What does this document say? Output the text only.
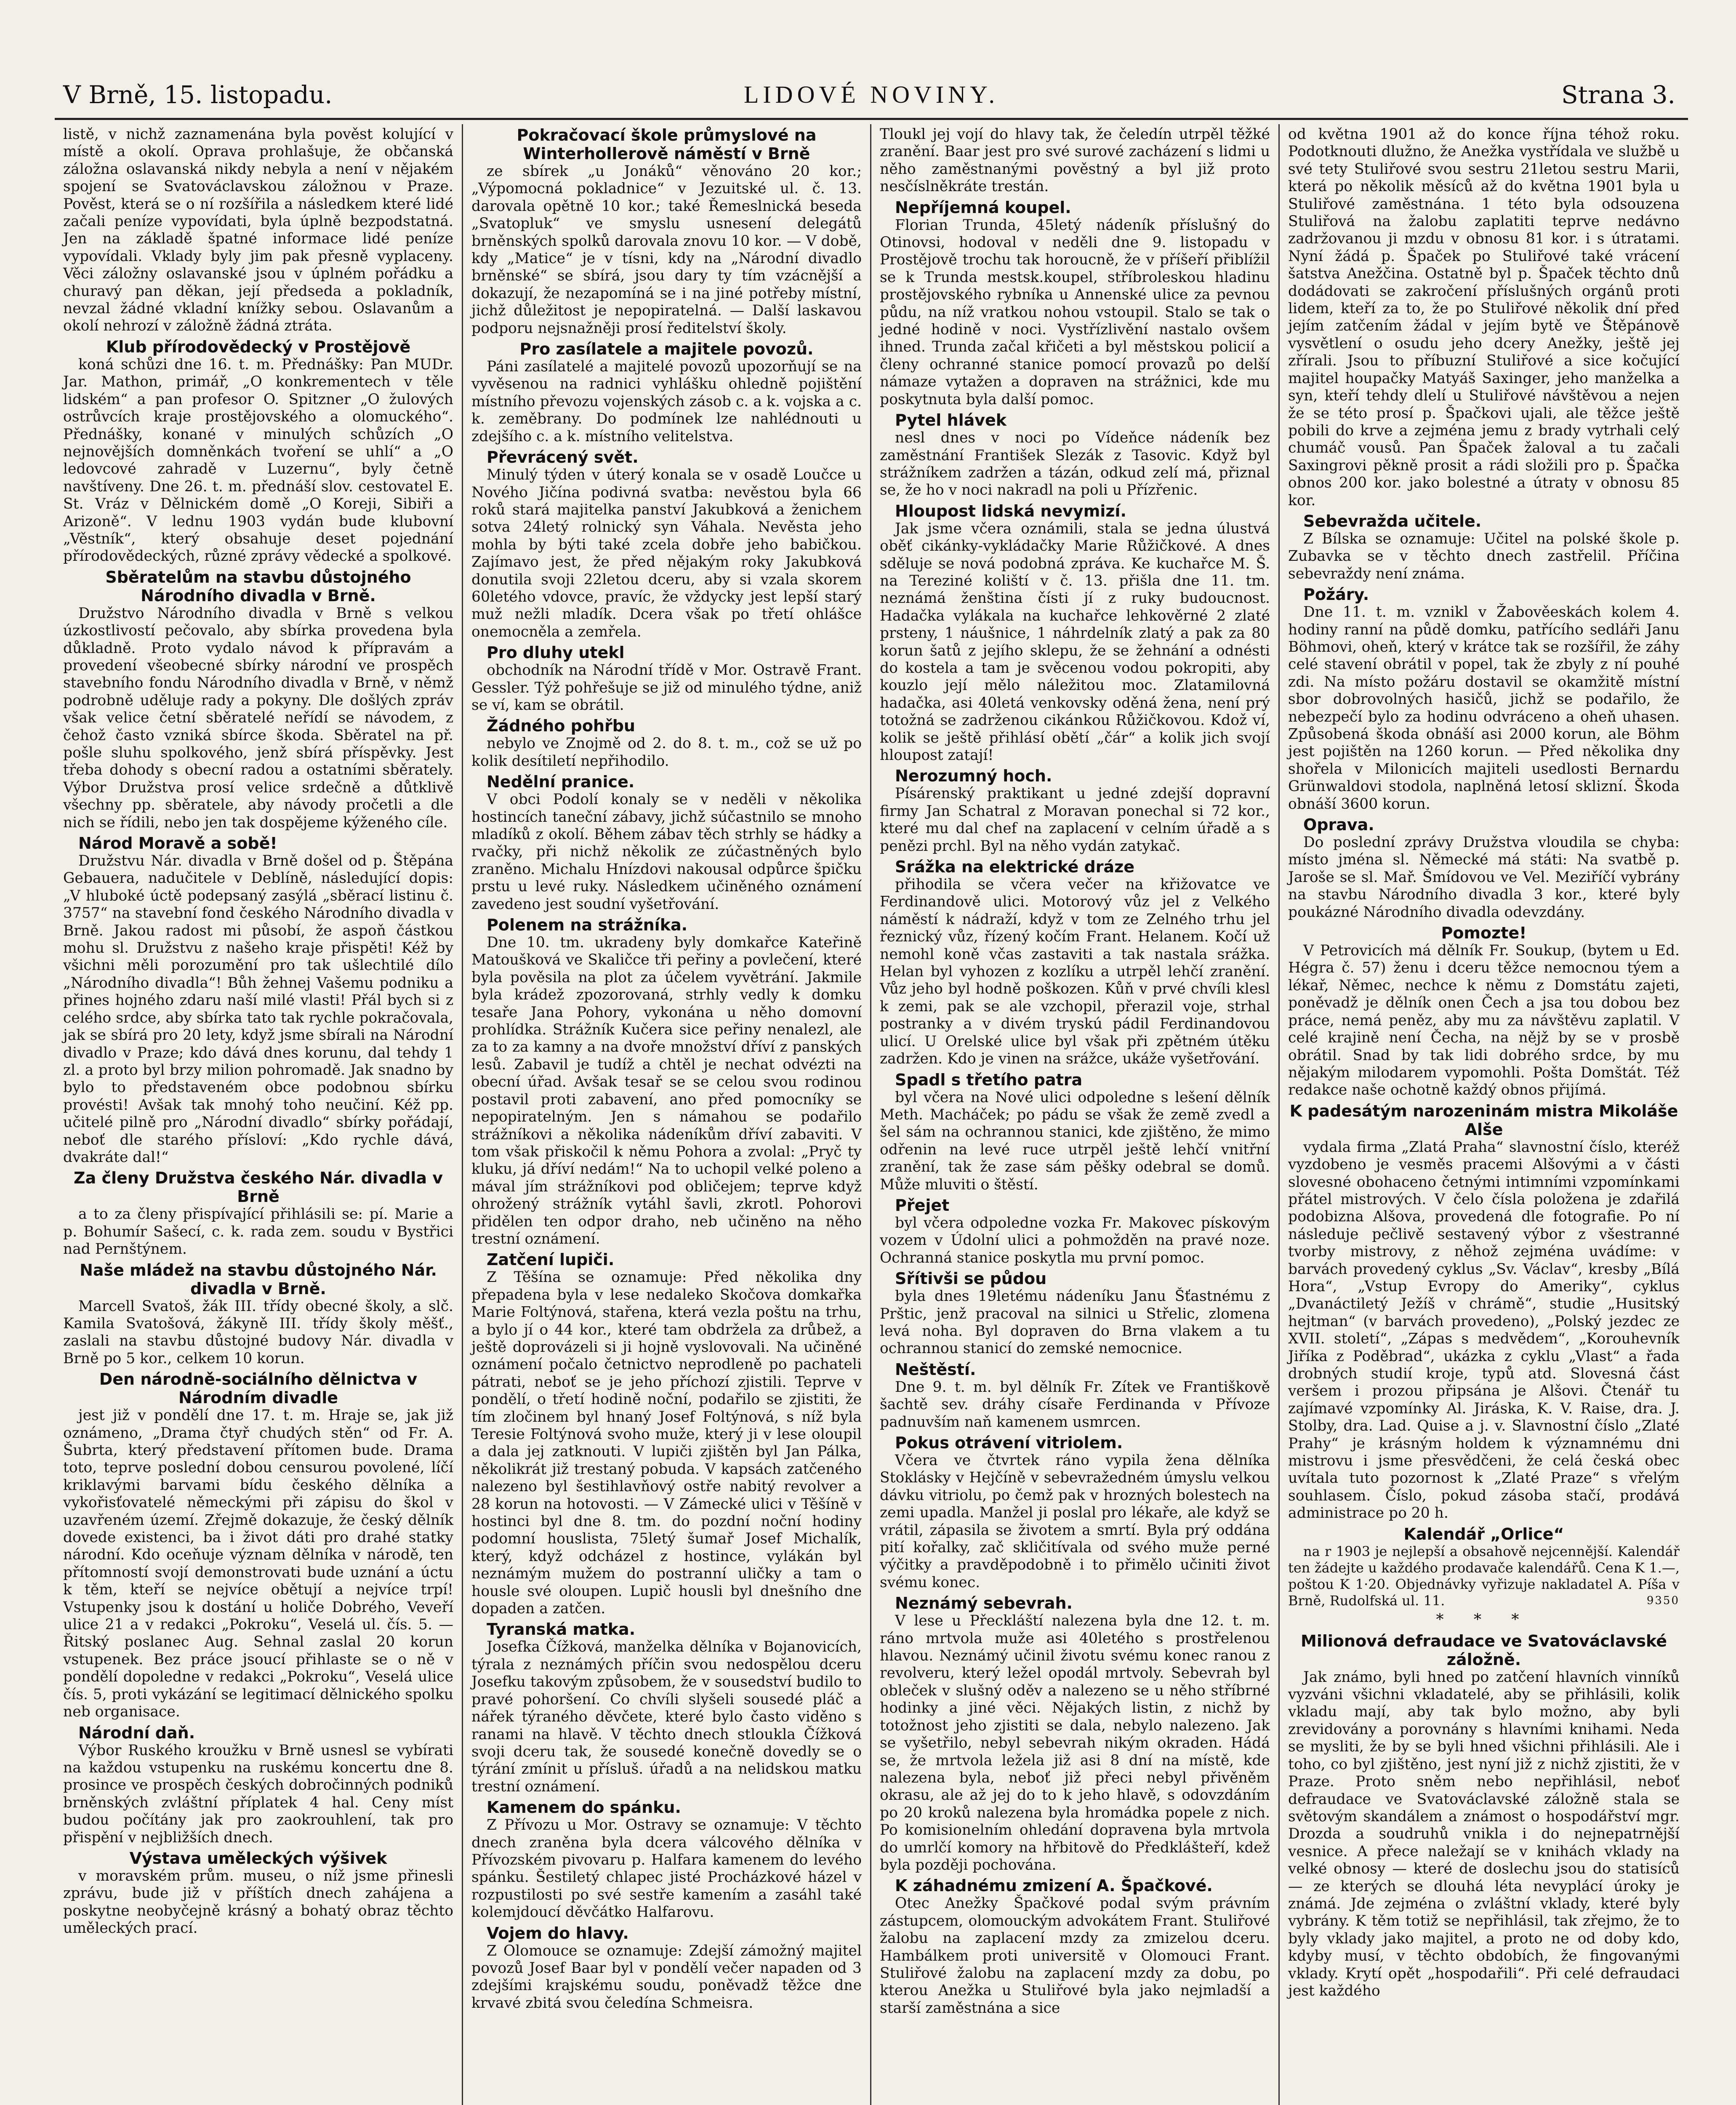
V Brně, 15. listopadu.	LIDOVÉ NOVINY.	Strana 3.

listě, v nichž zaznamenána byla pověst kolující v místě a okolí. Oprava prohlašuje, že občanská záložna oslavanská nikdy nebyla a není v nějakém spojení se Svatováclavskou záložnou v Praze. Pověst, která se o ní rozšířila a následkem které lidé začali peníze vypovídati, byla úplně bezpodstatná. Jen na základě špatné informace lidé peníze vypovídali. Vklady byly jim pak přesně vyplaceny. Věci záložny oslavanské jsou v úplném pořádku a churavý pan děkan, její předseda a pokladník, nevzal žádné vkladní knížky sebou. Oslavanům a okolí nehrozí v záložně žádná ztráta.

Klub přírodovědecký v Prostějově

koná schůzi dne 16. t. m. Přednášky: Pan MUDr. Jar. Mathon, primář, „O konkrementech v těle lidském“ a pan profesor O. Spitzner „O žulových ostrůvcích kraje prostějovského a olomuckého“. Přednášky, konané v minulých schůzích „O nejnovějších domněnkách tvoření se uhlí“ a „O ledovcové zahradě v Luzernu“, byly četně navštíveny. Dne 26. t. m. přednáší slov. cestovatel E. St. Vráz v Dělnickém domě „O Koreji, Sibiři a Arizoně“. V lednu 1903 vydán bude klubovní „Věstník“, který obsahuje deset pojednání přírodovědeckých, různé zprávy vědecké a spolkové.

Sběratelům na stavbu důstojného Národního divadla v Brně.

Družstvo Národního divadla v Brně s velkou úzkostlivostí pečovalo, aby sbírka provedena byla důkladně. Proto vydalo návod k přípravám a provedení všeobecné sbírky národní ve prospěch stavebního fondu Národního divadla v Brně, v němž podrobně uděluje rady a pokyny. Dle došlých zpráv však velice četní sběratelé neřídí se návodem, z čehož často vzniká sbírce škoda. Sběratel na př. pošle sluhu spolkového, jenž sbírá příspěvky. Jest třeba dohody s obecní radou a ostatními sběrately. Výbor Družstva prosí velice srdečně a důtklivě všechny pp. sběratele, aby návody pročetli a dle nich se řídili, nebo jen tak dospějeme kýženého cíle.

Národ Moravě a sobě!

Družstvu Nár. divadla v Brně došel od p. Štěpána Gebauera, nadučitele v Deblíně, následující dopis: „V hluboké úctě podepsaný zasýlá „sběrací listinu č. 3757“ na stavební fond českého Národního divadla v Brně. Jakou radost mi působí, že aspoň částkou mohu sl. Družstvu z našeho kraje přispěti! Kéž by všichni měli porozumění pro tak ušlechtilé dílo „Národního divadla“! Bůh žehnej Vašemu podniku a přines hojného zdaru naší milé vlasti! Přál bych si z celého srdce, aby sbírka tato tak rychle pokračovala, jak se sbírá pro 20 lety, když jsme sbírali na Národní divadlo v Praze; kdo dává dnes korunu, dal tehdy 1 zl. a proto byl brzy milion pohromadě. Jak snadno by bylo to představeném obce podobnou sbírku provésti! Avšak tak mnohý toho neučiní. Kéž pp. učitelé pilně pro „Národní divadlo“ sbírky pořádají, neboť dle starého přísloví: „Kdo rychle dává, dvakráte dal!“

Za členy Družstva českého Nár. divadla v Brně

a to za členy přispívající přihlásili se: pí. Marie a p. Bohumír Sašecí, c. k. rada zem. soudu v Bystřici nad Pernštýnem.

Naše mládež na stavbu důstojného Nár. divadla v Brně.

Marcell Svatoš, žák III. třídy obecné školy, a slč. Kamila Svatošová, žákyně III. třídy školy měšť., zaslali na stavbu důstojné budovy Nár. divadla v Brně po 5 kor., celkem 10 korun.

Den národně-sociálního dělnictva v Národním divadle

jest již v pondělí dne 17. t. m. Hraje se, jak již oznámeno, „Drama čtyř chudých stěn“ od Fr. A. Šubrta, který představení přítomen bude. Drama toto, teprve poslední dobou censurou povolené, líčí kriklavými barvami bídu českého dělníka a vykořisťovatelé německými při zápisu do škol v uzavřeném území. Zřejmě dokazuje, že český dělník dovede existenci, ba i život dáti pro drahé statky národní. Kdo oceňuje význam dělníka v národě, ten přítomností svojí demonstrovati bude uznání a úctu k těm, kteří se nejvíce obětují a nejvíce trpí! Vstupenky jsou k dostání u holiče Dobrého, Veveří ulice 21 a v redakci „Pokroku“, Veselá ul. čís. 5. — Řitský poslanec Aug. Sehnal zaslal 20 korun vstupenek. Bez práce jsoucí přihlaste se o ně v pondělí dopoledne v redakci „Pokroku“, Veselá ulice čís. 5, proti vykázání se legitimací dělnického spolku neb organisace.

Národní daň.

Výbor Ruského kroužku v Brně usnesl se vybírati na každou vstupenku na ruskému koncertu dne 8. prosince ve prospěch českých dobročinných podniků brněnských zvláštní příplatek 4 hal. Ceny míst budou počítány jak pro zaokrouhlení, tak pro přispění v nejbližších dnech.

Výstava uměleckých výšivek

v moravském prům. museu, o níž jsme přinesli zprávu, bude již v příštích dnech zahájena a poskytne neobyčejně krásný a bohatý obraz těchto uměleckých prací.

Pokračovací škole průmyslové na Winterhollerově náměstí v Brně

ze sbírek „u Jonáků“ věnováno 20 kor.; „Výpomocná pokladnice“ v Jezuitské ul. č. 13. darovala opětně 10 kor.; také Řemeslnická beseda „Svatopluk“ ve smyslu usnesení delegátů brněnských spolků darovala znovu 10 kor. — V době, kdy „Matice“ je v tísni, kdy na „Národní divadlo brněnské“ se sbírá, jsou dary ty tím vzácnější a dokazují, že nezapomíná se i na jiné potřeby místní, jichž důležitost je nepopiratelná. — Další laskavou podporu nejsnažněji prosí ředitelství školy.

Pro zasílatele a majitele povozů.

Páni zasílatelé a majitelé povozů upozorňují se na vyvěsenou na radnici vyhlášku ohledně pojištění místního převozu vojenských zásob c. a k. vojska a c. k. zeměbrany. Do podmínek lze nahlédnouti u zdejšího c. a k. místního velitelstva.

Převrácený svět.

Minulý týden v úterý konala se v osadě Loučce u Nového Jičína podivná svatba: nevěstou byla 66 roků stará majitelka panství Jakubková a ženichem sotva 24letý rolnický syn Váhala. Nevěsta jeho mohla by býti také zcela dobře jeho babičkou. Zajímavo jest, že před nějakým roky Jakubková donutila svoji 22letou dceru, aby si vzala skorem 60letého vdovce, pravíc, že vždycky jest lepší starý muž nežli mladík. Dcera však po třetí ohlášce onemocněla a zemřela.

Pro dluhy utekl

obchodník na Národní třídě v Mor. Ostravě Frant. Gessler. Týž pohřešuje se již od minulého týdne, aniž se ví, kam se obrátil.

Žádného pohřbu

nebylo ve Znojmě od 2. do 8. t. m., což se už po kolik desítiletí nepřihodilo.

Nedělní pranice.

V obci Podolí konaly se v neděli v několika hostincích taneční zábavy, jichž súčastnilo se mnoho mladíků z okolí. Během zábav těch strhly se hádky a rvačky, při nichž několik ze zúčastněných bylo zraněno. Michalu Hnízdovi nakousal odpůrce špičku prstu u levé ruky. Následkem učiněného oznámení zavedeno jest soudní vyšetřování.

Polenem na strážníka.

Dne 10. tm. ukradeny byly domkařce Kateřině Matoušková ve Skaličce tři peřiny a povlečení, které byla pověsila na plot za účelem vyvětrání. Jakmile byla krádež zpozorovaná, strhly vedly k domku tesaře Jana Pohory, vykonána u něho domovní prohlídka. Strážník Kučera sice peřiny nenalezl, ale za to za kamny a na dvoře množství dříví z panských lesů. Zabavil je tudíž a chtěl je nechat odvézti na obecní úřad. Avšak tesař se se celou svou rodinou postavil proti zabavení, ano před pomocníky se nepopiratelným. Jen s námahou se podařilo strážníkovi a několika nádeníkům dříví zabaviti. V tom však přiskočil k němu Pohora a zvolal: „Pryč ty kluku, já dříví nedám!“ Na to uchopil velké poleno a mával jím strážníkovi pod obličejem; teprve když ohrožený strážník vytáhl šavli, zkrotl. Pohorovi přidělen ten odpor draho, neb učiněno na něho trestní oznámení.

Zatčení lupiči.

Z Těšína se oznamuje: Před několika dny přepadena byla v lese nedaleko Skočova domkařka Marie Foltýnová, stařena, která vezla poštu na trhu, a bylo jí o 44 kor., které tam obdržela za drůbež, a ještě doprovázeli si ji hojně vyslovovali. Na učiněné oznámení počalo četnictvo neprodleně po pachateli pátrati, neboť se je jeho příchozí zjistili. Teprve v pondělí, o třetí hodině noční, podařilo se zjistiti, že tím zločinem byl hnaný Josef Foltýnová, s níž byla Teresie Foltýnová svoho muže, který ji v lese oloupil a dala jej zatknouti. V lupiči zjištěn byl Jan Pálka, několikrát již trestaný pobuda. V kapsách zatčeného nalezeno byl šestihlavňový ostře nabitý revolver a 28 korun na hotovosti. — V Zámecké ulici v Těšíně v hostinci byl dne 8. tm. do pozdní noční hodiny podomní houslista, 75letý šumař Josef Michalík, který, když odcházel z hostince, vylákán byl neznámým mužem do postranní uličky a tam o housle své oloupen. Lupič housli byl dnešního dne dopaden a zatčen.

Tyranská matka.

Josefka Čížková, manželka dělníka v Bojanovicích, týrala z neznámých příčin svou nedospělou dceru Josefku takovým způsobem, že v sousedství budilo to pravé pohoršení. Co chvíli slyšeli sousedé pláč a nářek týraného děvčete, které bylo často viděno s ranami na hlavě. V těchto dnech stloukla Čížková svoji dceru tak, že sousedé konečně dovedly se o týrání zmínit u přísluš. úřadů a na nelidskou matku trestní oznámení.

Kamenem do spánku.

Z Přívozu u Mor. Ostravy se oznamuje: V těchto dnech zraněna byla dcera válcového dělníka v Přívozském pivovaru p. Halfara kamenem do levého spánku. Šestiletý chlapec jisté Procházkové házel v rozpustilosti po své sestře kamením a zasáhl také kolemjdoucí děvčátko Halfarovu.

Vojem do hlavy.

Z Olomouce se oznamuje: Zdejší zámožný majitel povozů Josef Baar byl v pondělí večer napaden od 3 zdejšími krajskému soudu, poněvadž těžce dne krvavé zbitá svou čeledína Schmeisra.

Tloukl jej vojí do hlavy tak, že čeledín utrpěl těžké zranění. Baar jest pro své surové zacházení s lidmi u něho zaměstnanými pověstný a byl již proto nesčíslněkráte trestán.

Nepříjemná koupel.

Florian Trunda, 45letý nádeník příslušný do Otinovsi, hodoval v neděli dne 9. listopadu v Prostějově trochu tak horoucně, že v příšeří přiblížil se k Trunda mestsk.koupel, stříbroleskou hladinu prostějovského rybníka u Annenské ulice za pevnou půdu, na níž vratkou nohou vstoupil. Stalo se tak o jedné hodině v noci. Vystřízlivění nastalo ovšem ihned. Trunda začal křičeti a byl městskou policií a členy ochranné stanice pomocí provazů po delší námaze vytažen a dopraven na strážnici, kde mu poskytnuta byla další pomoc.

Pytel hlávek

nesl dnes v noci po Vídeňce nádeník bez zaměstnání František Slezák z Tasovic. Když byl strážníkem zadržen a tázán, odkud zelí má, přiznal se, že ho v noci nakradl na poli u Přízřenic.

Hloupost lidská nevymizí.

Jak jsme včera oznámili, stala se jedna úlustvá oběť cikánky-vykládačky Marie Růžičkové. A dnes sděluje se nová podobná zpráva. Ke kuchařce M. Š. na Tereziné koliští v č. 13. přišla dne 11. tm. neznámá ženština čísti jí z ruky budoucnost. Hadačka vylákala na kuchařce lehkověrné 2 zlaté prsteny, 1 náušnice, 1 náhrdelník zlatý a pak za 80 korun šatů z jejího sklepu, že se žehnání a odnésti do kostela a tam je svěcenou vodou pokropiti, aby kouzlo její mělo náležitou moc. Zlatamilovná hadačka, asi 40letá venkovsky oděná žena, není prý totožná se zadrženou cikánkou Růžičkovou. Kdož ví, kolik se ještě přihlásí obětí „čár“ a kolik jich svojí hloupost zatají!

Nerozumný hoch.

Písárenský praktikant u jedné zdejší dopravní firmy Jan Schatral z Moravan ponechal si 72 kor., které mu dal chef na zaplacení v celním úřadě a s penězi prchl. Byl na něho vydán zatykač.

Srážka na elektrické dráze

přihodila se včera večer na křižovatce ve Ferdinandově ulici. Motorový vůz jel z Velkého náměstí k nádraží, když v tom ze Zelného trhu jel řeznický vůz, řízený kočím Frant. Helanem. Kočí už nemohl koně včas zastaviti a tak nastala srážka. Helan byl vyhozen z kozlíku a utrpěl lehčí zranění. Vůz jeho byl hodně poškozen. Kůň v prvé chvíli klesl k zemi, pak se ale vzchopil, přerazil voje, strhal postranky a v divém tryskú pádil Ferdinandovou ulicí. U Orelské ulice byl však při zpětném útěku zadržen. Kdo je vinen na srážce, ukáže vyšetřování.

Spadl s třetího patra

byl včera na Nové ulici odpoledne s lešení dělník Meth. Macháček; po pádu se však že země zvedl a šel sám na ochrannou stanici, kde zjištěno, že mimo odřenin na levé ruce utrpěl ještě lehčí vnitřní zranění, tak že zase sám pěšky odebral se domů. Může mluviti o štěstí.

Přejet

byl včera odpoledne vozka Fr. Makovec pískovým vozem v Údolní ulici a pohmožděn na pravé noze. Ochranná stanice poskytla mu první pomoc.

Sřítivši se půdou

byla dnes 19letému nádeníku Janu Šťastnému z Prštic, jenž pracoval na silnici u Střelic, zlomena levá noha. Byl dopraven do Brna vlakem a tu ochrannou stanicí do zemské nemocnice.

Neštěstí.

Dne 9. t. m. byl dělník Fr. Zítek ve Františkově šachtě sev. dráhy císaře Ferdinanda v Přívoze padnuvším naň kamenem usmrcen.

Pokus otrávení vitriolem.

Včera ve čtvrtek ráno vypila žena dělníka Stoklásky v Hejčíně v sebevražedném úmyslu velkou dávku vitriolu, po čemž pak v hrozných bolestech na zemi upadla. Manžel ji poslal pro lékaře, ale když se vrátil, zápasila se životem a smrtí. Byla prý oddána pití kořalky, zač skličitívala od svého muže perné výčitky a pravděpodobně i to přimělo učiniti život svému konec.

Neznámý sebevrah.

V lese u Přeckláští nalezena byla dne 12. t. m. ráno mrtvola muže asi 40letého s prostřelenou hlavou. Neznámý učinil životu svému konec ranou z revolveru, který ležel opodál mrtvoly. Sebevrah byl obleček v slušný oděv a nalezeno se u něho stříbrné hodinky a jiné věci. Nějakých listin, z nichž by totožnost jeho zjistiti se dala, nebylo nalezeno. Jak se vyšetřilo, nebyl sebevrah nikým okraden. Hádá se, že mrtvola ležela již asi 8 dní na místě, kde nalezena byla, neboť již přeci nebyl přivěněm okrasu, ale až jej do to k jeho hlavě, s odovzdáním po 20 kroků nalezena byla hromádka popele z nich. Po komisionelním ohledání dopravena byla mrtvola do umrlčí komory na hřbitově do Předklášteří, kdež byla později pochována.

K záhadnému zmizení A. Špačkové.

Otec Anežky Špačkové podal svým právním zástupcem, olomouckým advokátem Frant. Stuliřové žalobu na zaplacení mzdy za zmizelou dceru. Hambálkem proti universitě v Olomouci Frant. Stuliřové žalobu na zaplacení mzdy za dobu, po kterou Anežka u Stuliřové byla jako nejmladší a starší zaměstnána a sice

od května 1901 až do konce října téhož roku. Podotknouti dlužno, že Anežka vystřídala ve službě u své tety Stuliřové svou sestru 21letou sestru Marii, která po několik měsíců až do května 1901 byla u Stuliřové zaměstnána. 1 této byla odsouzena Stuliřová na žalobu zaplatiti teprve nedávno zadržovanou ji mzdu v obnosu 81 kor. i s útratami. Nyní žádá p. Špaček po Stuliřové také vrácení šatstva Anežčina. Ostatně byl p. Špaček těchto dnů dodádovati se zakročení příslušných orgánů proti lidem, kteří za to, že po Stuliřové několik dní před jejím zatčením žádal v jejím bytě ve Štěpánově vysvětlení o osudu jeho dcery Anežky, ještě jej zřírali. Jsou to příbuzní Stuliřové a sice kočující majitel houpačky Matyáš Saxinger, jeho manželka a syn, kteří tehdy dlelí u Stuliřové návštěvou a nejen že se této prosí p. Špačkovi ujali, ale těžce ještě pobili do krve a zejména jemu z brady vytrhali celý chumáč vousů. Pan Špaček žaloval a tu začali Saxingrovi pěkně prosit a rádi složili pro p. Špačka obnos 200 kor. jako bolestné a útraty v obnosu 85 kor.

Sebevražda učitele.

Z Bílska se oznamuje: Učitel na polské škole p. Zubavka se v těchto dnech zastřelil. Příčina sebevraždy není známa.

Požáry.

Dne 11. t. m. vznikl v Žabověeskách kolem 4. hodiny ranní na půdě domku, patřícího sedláři Janu Böhmovi, oheň, který v krátce tak se rozšířil, že záhy celé stavení obrátil v popel, tak že zbyly z ní pouhé zdi. Na místo požáru dostavil se okamžitě místní sbor dobrovolných hasičů, jichž se podařilo, že nebezpečí bylo za hodinu odvráceno a oheň uhasen. Způsobená škoda obnáší asi 2000 korun, ale Böhm jest pojištěn na 1260 korun. — Před několika dny shořela v Milonicích majiteli usedlosti Bernardu Grünwaldovi stodola, naplněná letosí sklizní. Škoda obnáší 3600 korun.

Oprava.

Do poslední zprávy Družstva vloudila se chyba: místo jména sl. Německé má státi: Na svatbě p. Jaroše se sl. Mař. Šmídovou ve Vel. Meziříčí vybrány na stavbu Národního divadla 3 kor., které byly poukázné Národního divadla odevzdány.

Pomozte!

V Petrovicích má dělník Fr. Soukup, (bytem u Ed. Hégra č. 57) ženu i dceru těžce nemocnou týem a lékař, Němec, nechce k němu z Domstátu zajeti, poněvadž je dělník onen Čech a jsa tou dobou bez práce, nemá peněz, aby mu za návštěvu zaplatil. V celé krajině není Čecha, na nějž by se v prosbě obrátil. Snad by tak lidi dobrého srdce, by mu nějakým milodarem vypomohli. Pošta Domštát. Též redakce naše ochotně každý obnos přijímá.

K padesátým narozeninám mistra Mikoláše Alše

vydala firma „Zlatá Praha“ slavnostní číslo, kteréž vyzdobeno je vesměs pracemi Alšovými a v části slovesné obohaceno četnými intimními vzpomínkami přátel mistrových. V čelo čísla položena je zdařilá podobizna Alšova, provedená dle fotografie. Po ní následuje pečlivě sestavený výbor z všestranné tvorby mistrovy, z něhož zejména uvádíme: v barvách provedený cyklus „Sv. Václav“, kresby „Bílá Hora“, „Vstup Evropy do Ameriky“, cyklus „Dvanáctiletý Ježíš v chrámě“, studie „Husitský hejtman“ (v barvách provedeno), „Polský jezdec ze XVII. století“, „Zápas s medvědem“, „Korouhevník Jiříka z Poděbrad“, ukázka z cyklu „Vlast“ a řada drobných studií kroje, typů atd. Slovesná část veršem i prozou připsána je Alšovi. Čtenář tu zajímavé vzpomínky Al. Jiráska, K. V. Raise, dra. J. Stolby, dra. Lad. Quise a j. v. Slavnostní číslo „Zlaté Prahy“ je krásným holdem k významnému dni mistrovu i jsme přesvědčeni, že celá česká obec uvítala tuto pozornost k „Zlaté Praze“ s vřelým souhlasem. Číslo, pokud zásoba stačí, prodává administrace po 20 h.

Kalendář „Orlice“

na r 1903 je nejlepší a obsahově nejcennější. Kalendář ten žádejte u každého prodavače kalendářů. Cena K 1.—, poštou K 1·20. Objednávky vyřizuje nakladatel A. Píša v Brně, Rudolfská ul. 11.	9350

* * *

Milionová defraudace ve Svatováclavské záložně.

Jak známo, byli hned po zatčení hlavních vinníků vyzváni všichni vkladatelé, aby se přihlásili, kolik vkladu mají, aby tak bylo možno, aby byli zrevidovány a porovnány s hlavními knihami. Neda se mysliti, že by se byli hned všichni přihlásili. Ale i toho, co byl zjištěno, jest nyní již z nichž zjistiti, že v Praze. Proto sněm nebo nepřihlásil, neboť defraudace ve Svatováclavské záložně stala se světovým skandálem a známost o hospodářství mgr. Drozda a soudruhů vnikla i do nejnepatrnější vesnice. A přece naležají se v knihách vklady na velké obnosy — které de doslechu jsou do statisíců — ze kterých se dlouhá léta nevyplácí úroky je známá. Jde zejména o zvláštní vklady, které byly vybrány. K těm totiž se nepřihlásil, tak zřejmo, že to byly vklady jako majitel, a proto ne od doby kdo, kdyby musí, v těchto obdobích, že fingovanými vklady. Krytí opět „hospodařili“. Při celé defraudaci jest každého
